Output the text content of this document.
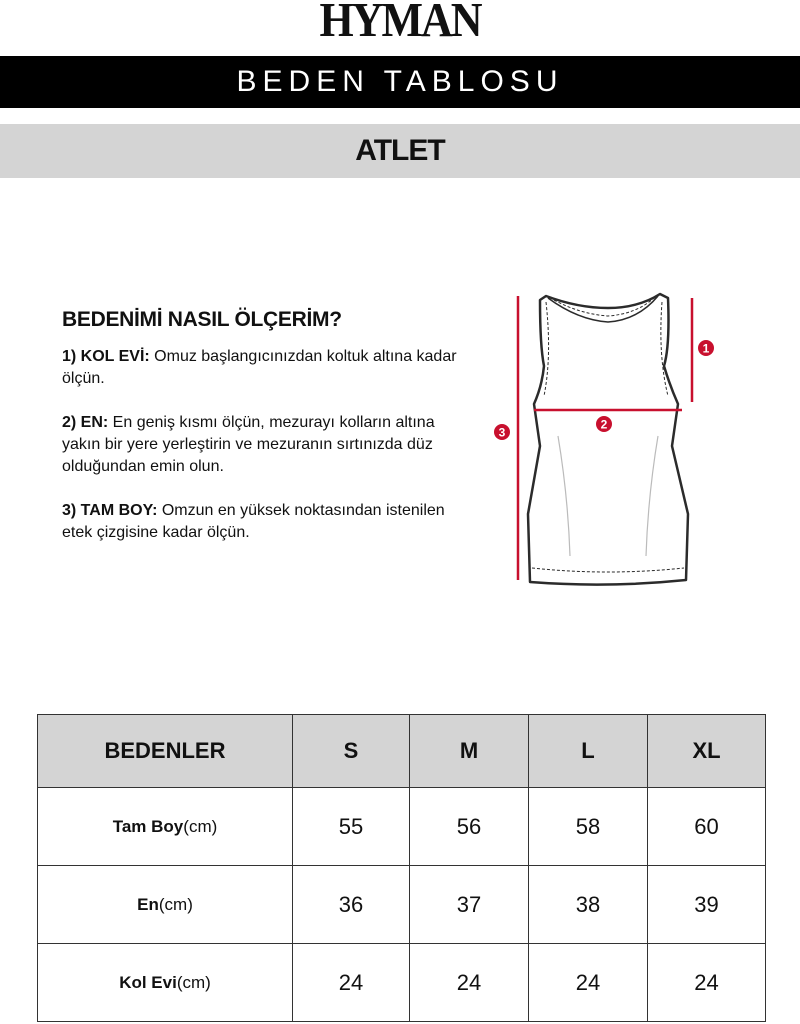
HYMAN
BEDEN TABLOSU
ATLET
BEDENİMİ NASIL ÖLÇERİM?

1) KOL EVİ: Omuz başlangıcınızdan koltuk altına kadar ölçün.

2) EN: En geniş kısmı ölçün, mezurayı kolların altına yakın bir yere yerleştirin ve mezuranın sırtınızda düz olduğundan emin olun.

3) TAM BOY: Omzun en yüksek noktasından istenilen etek çizgisine kadar ölçün.

1
2
3
BEDENLER	S	M	L	XL
Tam Boy(cm)	55	56	58	60
En(cm)	36	37	38	39
Kol Evi(cm)	24	24	24	24
